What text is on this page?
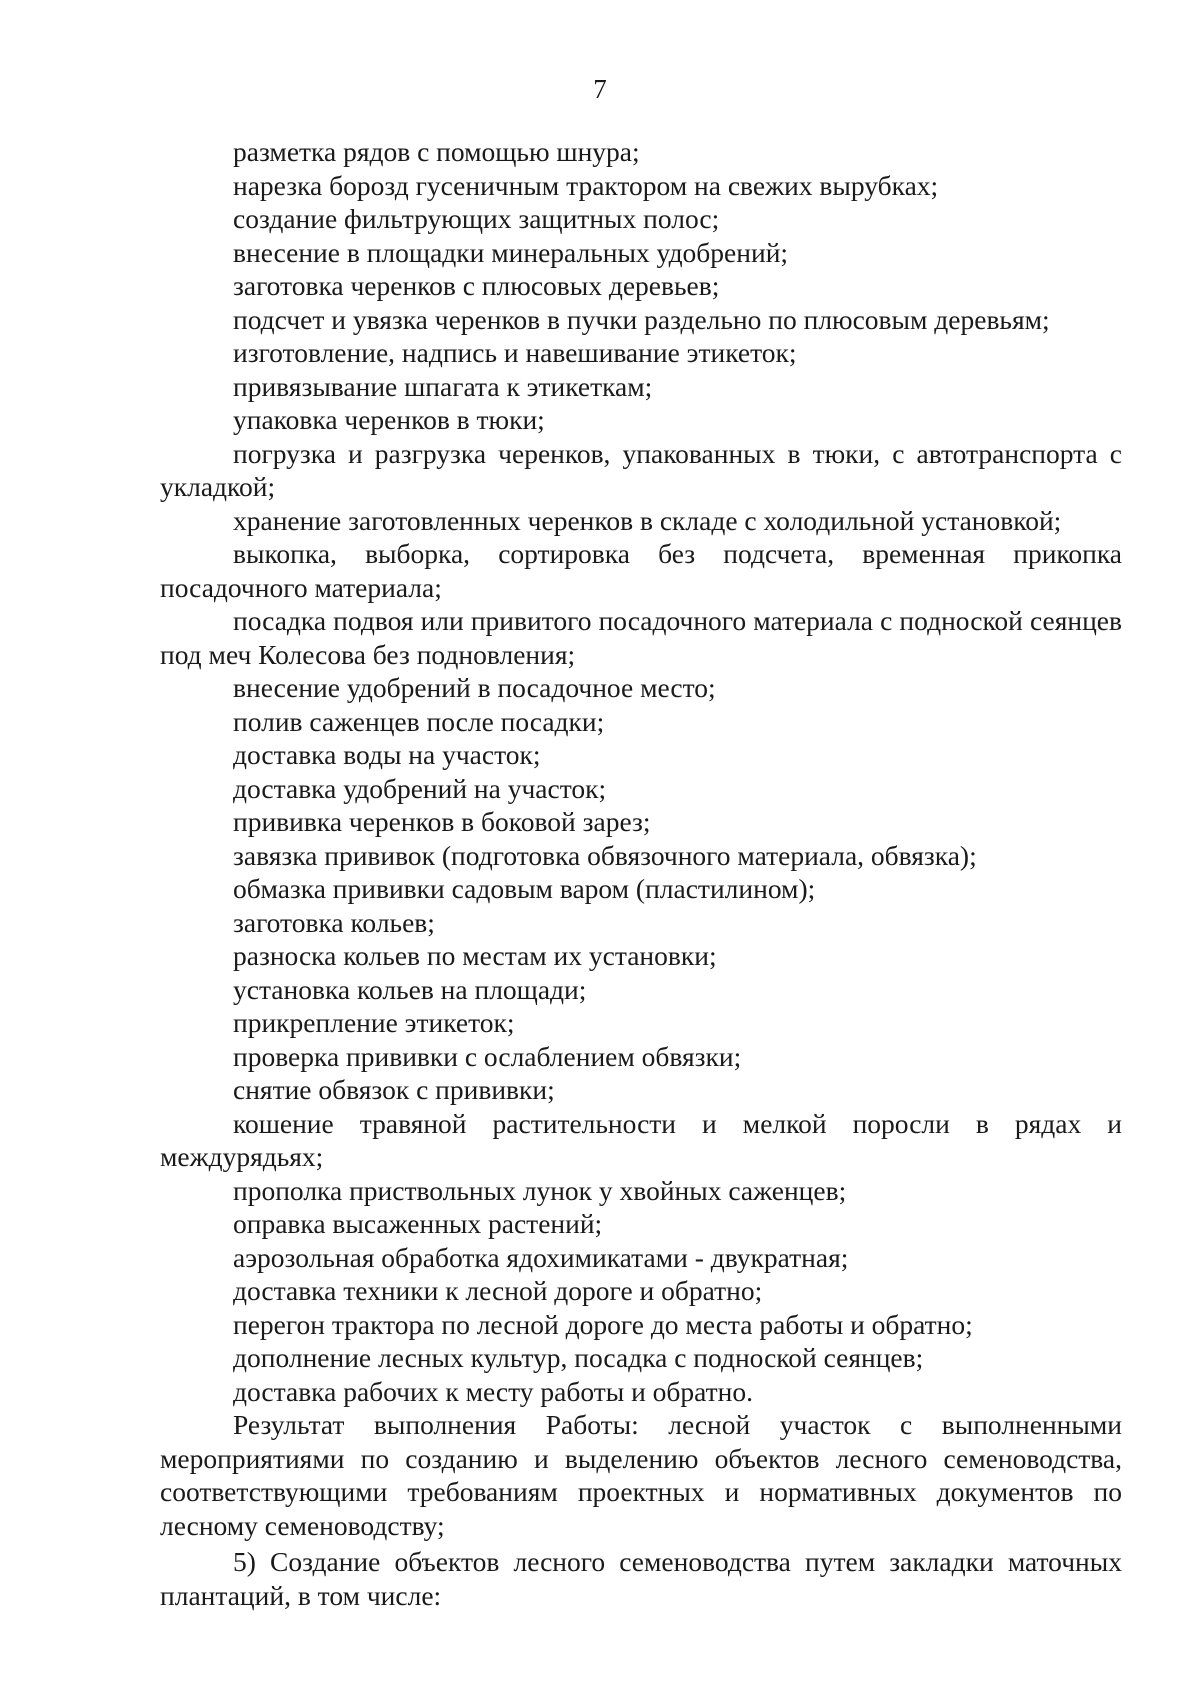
7

разметка рядов с помощью шнура;

нарезка борозд гусеничным трактором на свежих вырубках;

создание фильтрующих защитных полос;

внесение в площадки минеральных удобрений;

заготовка черенков с плюсовых деревьев;

подсчет и увязка черенков в пучки раздельно по плюсовым деревьям;

изготовление, надпись и навешивание этикеток;

привязывание шпагата к этикеткам;

упаковка черенков в тюки;

погрузка и разгрузка черенков, упакованных в тюки, с автотранспорта с укладкой;

хранение заготовленных черенков в складе с холодильной установкой;

выкопка, выборка, сортировка без подсчета, временная прикопка посадочного материала;

посадка подвоя или привитого посадочного материала с подноской сеянцев под меч Колесова без подновления;

внесение удобрений в посадочное место;

полив саженцев после посадки;

доставка воды на участок;

доставка удобрений на участок;

прививка черенков в боковой зарез;

завязка прививок (подготовка обвязочного материала, обвязка);

обмазка прививки садовым варом (пластилином);

заготовка кольев;

разноска кольев по местам их установки;

установка кольев на площади;

прикрепление этикеток;

проверка прививки с ослаблением обвязки;

снятие обвязок с прививки;

кошение травяной растительности и мелкой поросли в рядах и междурядьях;

прополка приствольных лунок у хвойных саженцев;

оправка высаженных растений;

аэрозольная обработка ядохимикатами - двукратная;

доставка техники к лесной дороге и обратно;

перегон трактора по лесной дороге до места работы и обратно;

дополнение лесных культур, посадка с подноской сеянцев;

доставка рабочих к месту работы и обратно.

Результат выполнения Работы: лесной участок с выполненными мероприятиями по созданию и выделению объектов лесного семеноводства, соответствующими требованиям проектных и нормативных документов по лесному семеноводству;

5) Создание объектов лесного семеноводства путем закладки маточных плантаций, в том числе:
